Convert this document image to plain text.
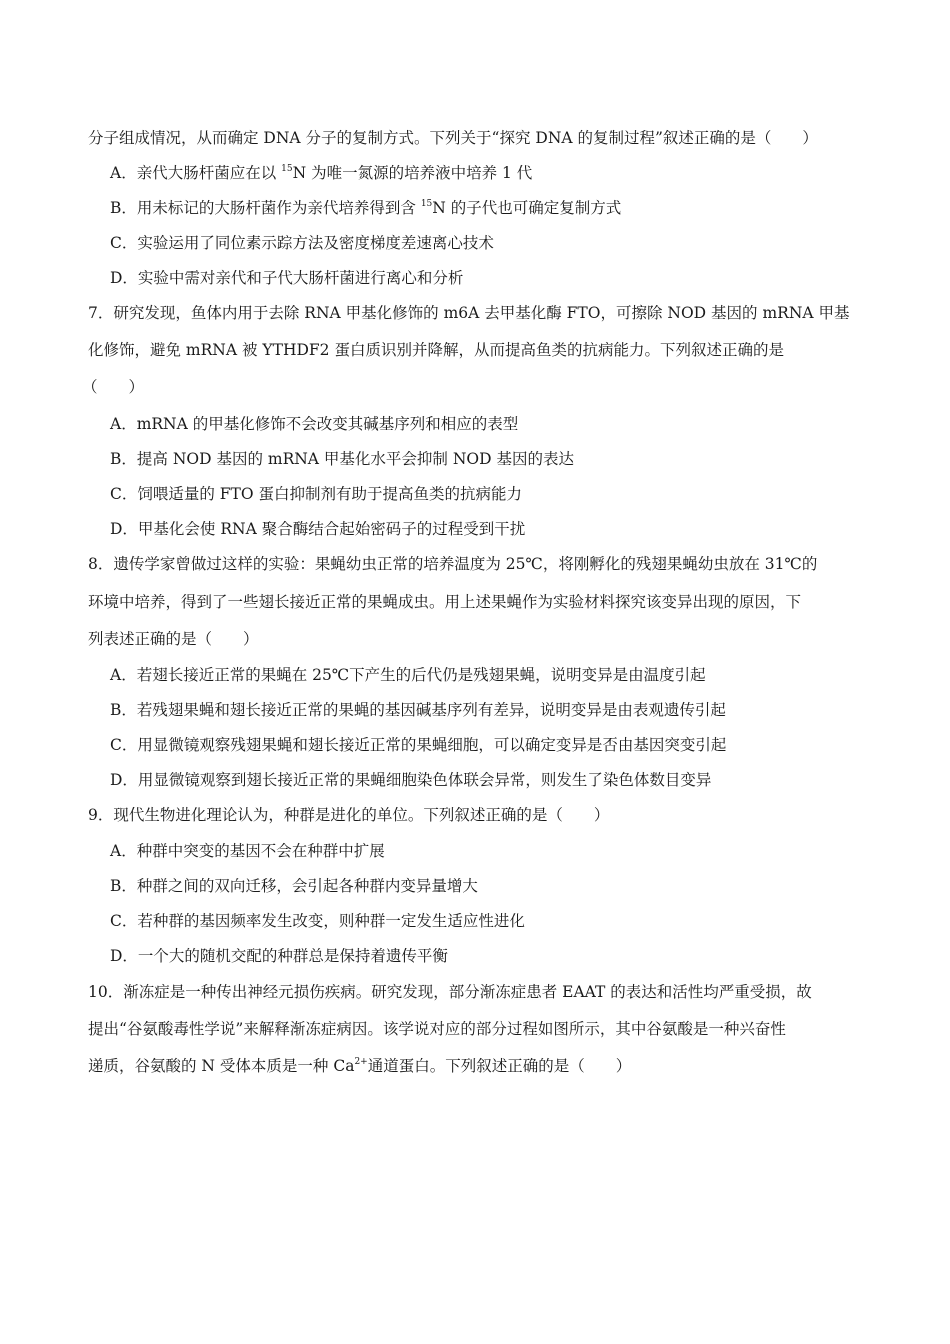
分子组成情况，从而确定 DNA 分子的复制方式。下列关于“探究 DNA 的复制过程”叙述正确的是（　　）
A．亲代大肠杆菌应在以 $^{15}$N 为唯一氮源的培养液中培养 1 代
B．用未标记的大肠杆菌作为亲代培养得到含 $^{15}$N 的子代也可确定复制方式
C．实验运用了同位素示踪方法及密度梯度差速离心技术
D．实验中需对亲代和子代大肠杆菌进行离心和分析
7．研究发现，鱼体内用于去除 RNA 甲基化修饰的 m6A 去甲基化酶 FTO，可擦除 NOD 基因的 mRNA 甲基
化修饰，避免 mRNA 被 YTHDF2 蛋白质识别并降解，从而提高鱼类的抗病能力。下列叙述正确的是
（　　）
A．mRNA 的甲基化修饰不会改变其碱基序列和相应的表型
B．提高 NOD 基因的 mRNA 甲基化水平会抑制 NOD 基因的表达
C．饲喂适量的 FTO 蛋白抑制剂有助于提高鱼类的抗病能力
D．甲基化会使 RNA 聚合酶结合起始密码子的过程受到干扰
8．遗传学家曾做过这样的实验：果蝇幼虫正常的培养温度为 25℃，将刚孵化的残翅果蝇幼虫放在 31℃的
环境中培养，得到了一些翅长接近正常的果蝇成虫。用上述果蝇作为实验材料探究该变异出现的原因，下
列表述正确的是（　　）
A．若翅长接近正常的果蝇在 25℃下产生的后代仍是残翅果蝇，说明变异是由温度引起
B．若残翅果蝇和翅长接近正常的果蝇的基因碱基序列有差异，说明变异是由表观遗传引起
C．用显微镜观察残翅果蝇和翅长接近正常的果蝇细胞，可以确定变异是否由基因突变引起
D．用显微镜观察到翅长接近正常的果蝇细胞染色体联会异常，则发生了染色体数目变异
9．现代生物进化理论认为，种群是进化的单位。下列叙述正确的是（　　）
A．种群中突变的基因不会在种群中扩展
B．种群之间的双向迁移，会引起各种群内变异量增大
C．若种群的基因频率发生改变，则种群一定发生适应性进化
D．一个大的随机交配的种群总是保持着遗传平衡
10．渐冻症是一种传出神经元损伤疾病。研究发现，部分渐冻症患者 EAAT 的表达和活性均严重受损，故
提出“谷氨酸毒性学说”来解释渐冻症病因。该学说对应的部分过程如图所示，其中谷氨酸是一种兴奋性
递质，谷氨酸的 N 受体本质是一种 $Ca^{2+}$通道蛋白。下列叙述正确的是（　　）
